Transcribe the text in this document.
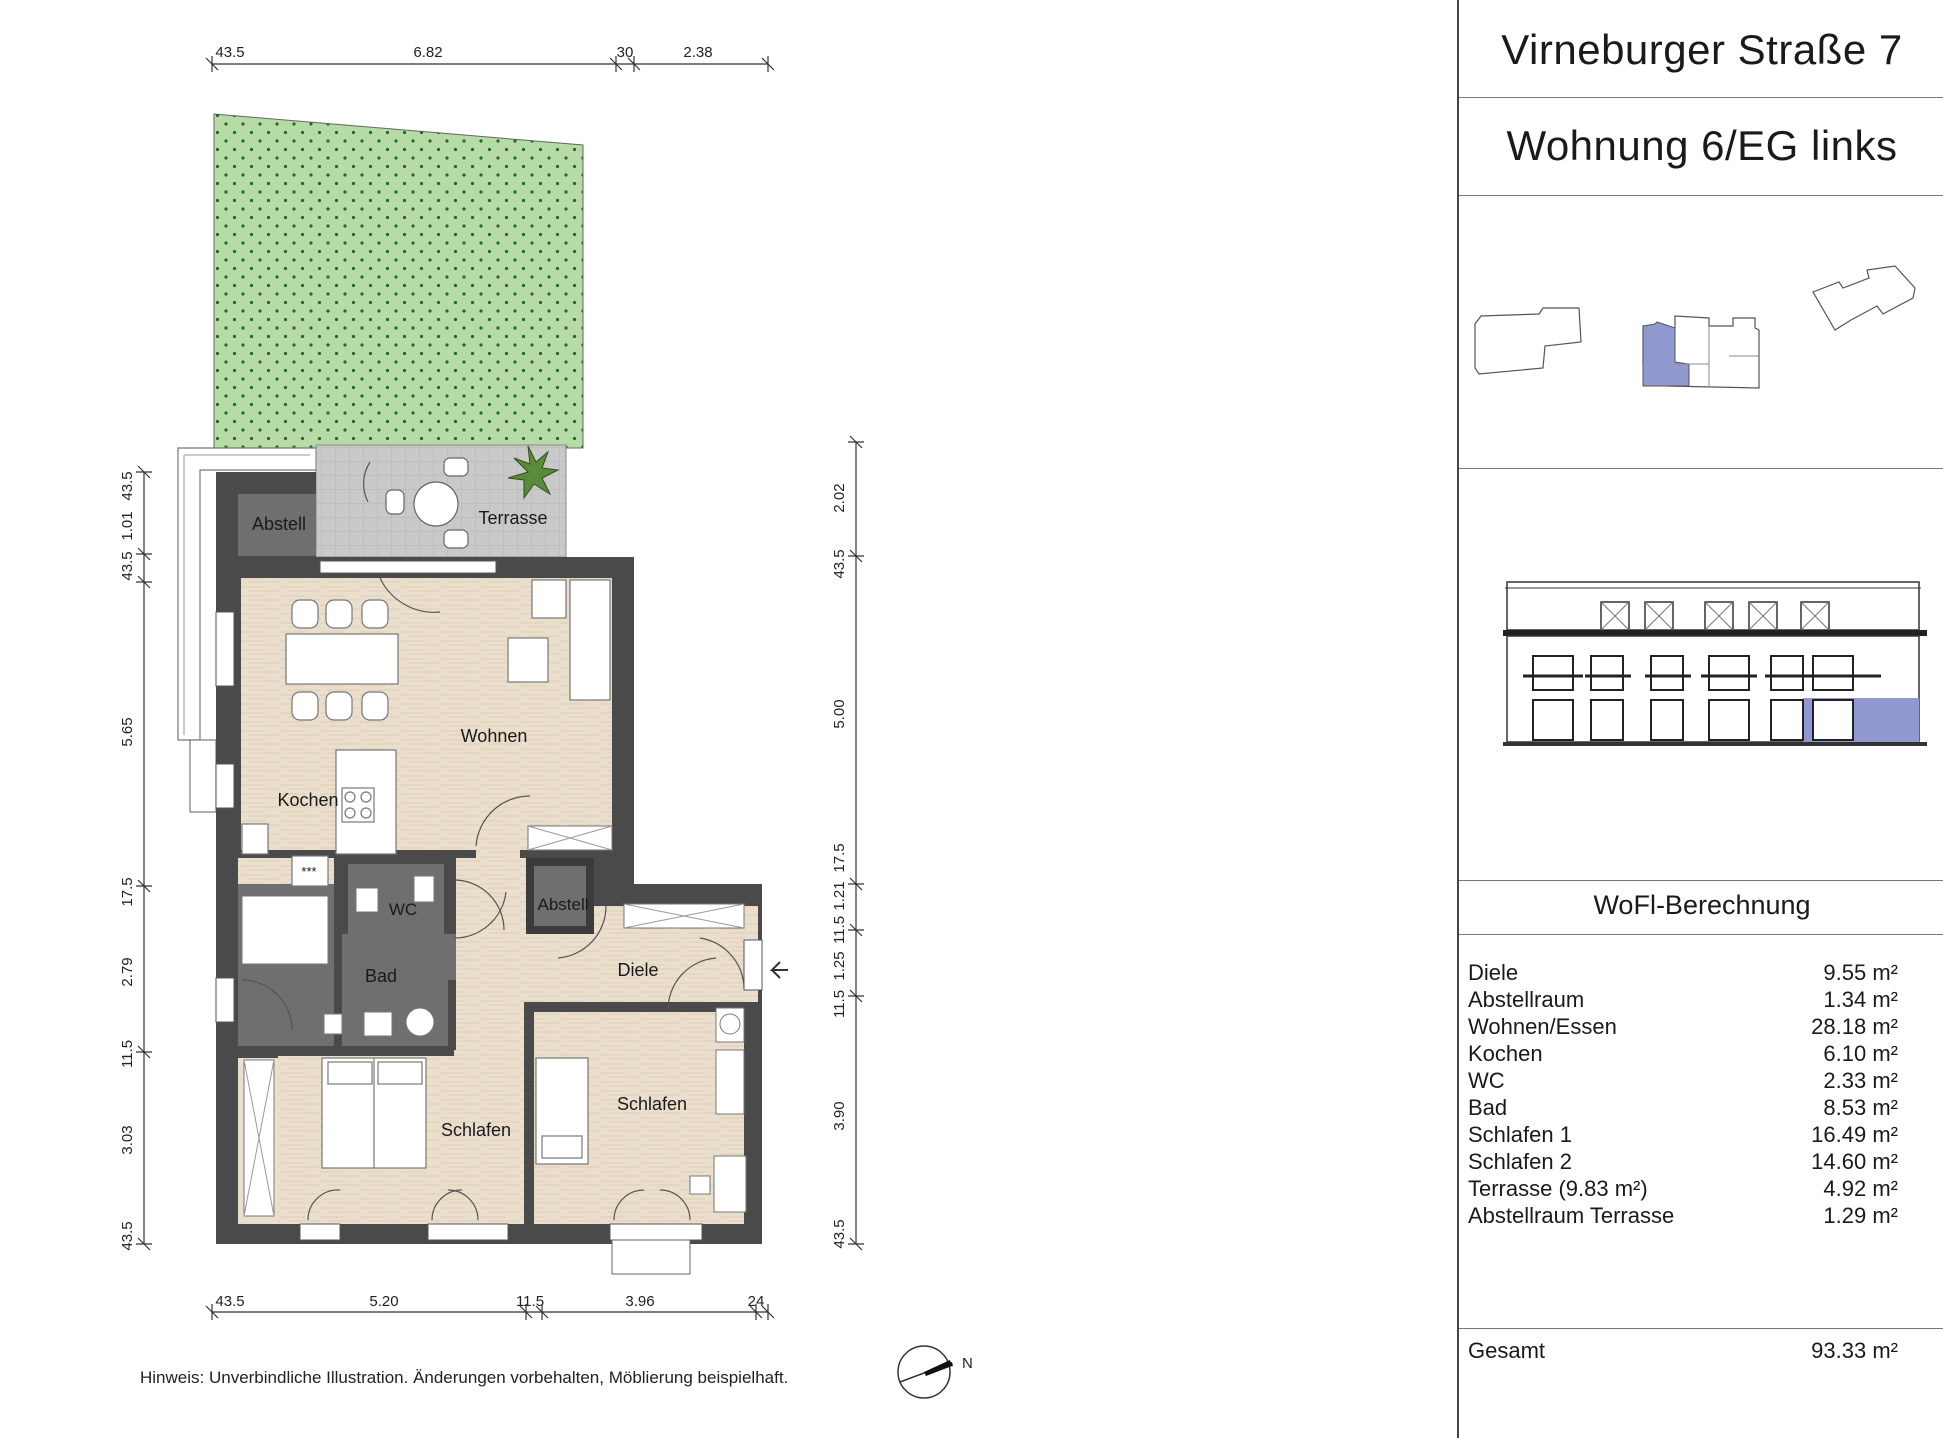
***
Terrasse
Abstell
Wohnen
Kochen
WC	Abstell
Diele
Bad
Schlafen
Schlafen
43.5	6.82	30	2.38
43.5	5.20	11.5	3.96	24
43.5
1.01
43.5
5.65
17.5
2.79
11.5
3.03
43.5
2.02
43.5
5.00
17.5
1.21
11.5
1.25
11.5
3.90
43.5
N
Hinweis: Unverbindliche Illustration. Änderungen vorbehalten, Möblierung beispielhaft.
Virneburger Straße 7
Wohnung 6/EG links
WoFl-Berechnung
Diele	9.55 m²
Abstellraum	1.34 m²
Wohnen/Essen	28.18 m²
Kochen	6.10 m²
WC	2.33 m²
Bad	8.53 m²
Schlafen 1	16.49 m²
Schlafen 2	14.60 m²
Terrasse (9.83 m²)	4.92 m²
Abstellraum Terrasse	1.29 m²
Gesamt	93.33 m²
